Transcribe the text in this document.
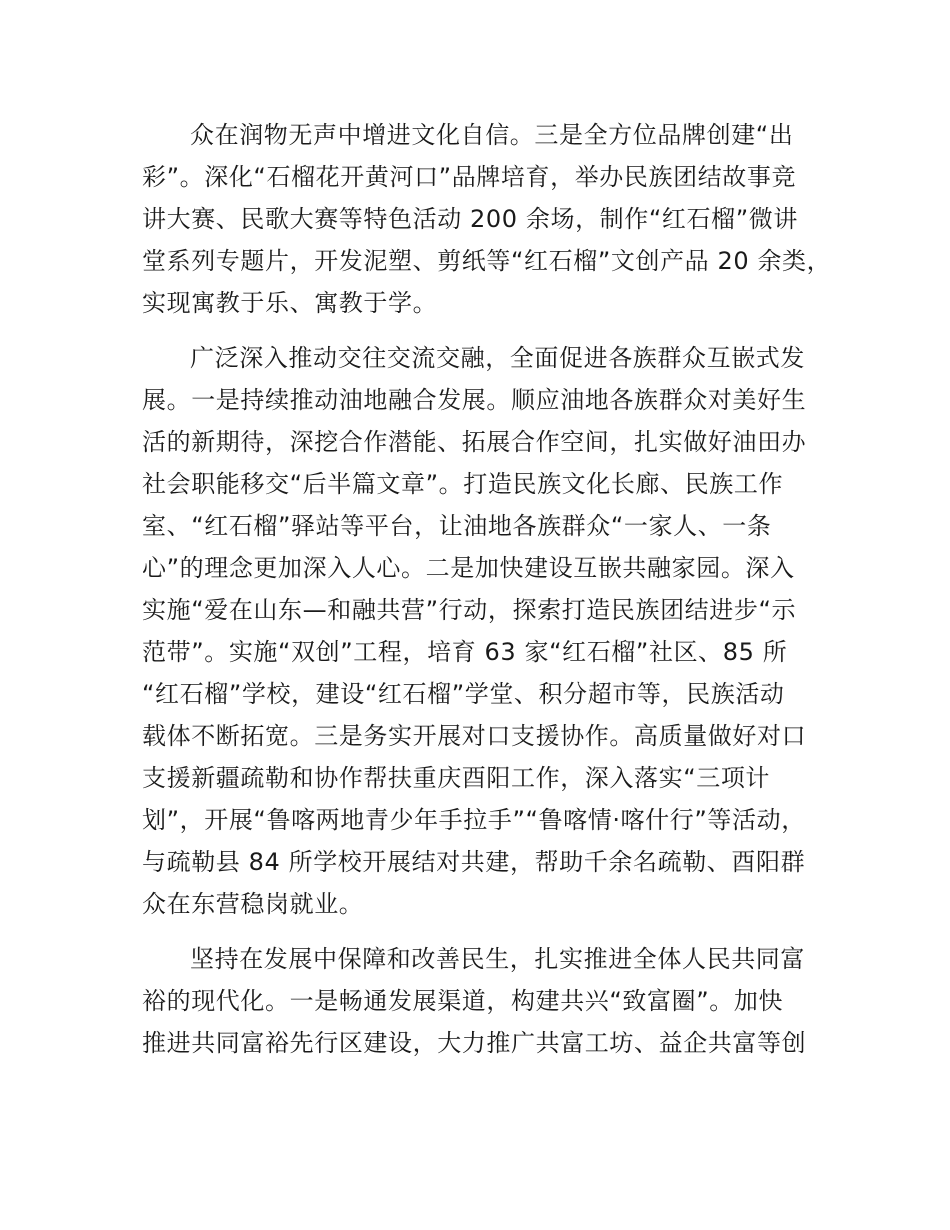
众在润物无声中增进文化自信。三是全方位品牌创建“出
彩”。深化“石榴花开黄河口”品牌培育，举办民族团结故事竞
讲大赛、民歌大赛等特色活动 200 余场，制作“红石榴”微讲
堂系列专题片，开发泥塑、剪纸等“红石榴”文创产品 20 余类，
实现寓教于乐、寓教于学。
广泛深入推动交往交流交融，全面促进各族群众互嵌式发
展。一是持续推动油地融合发展。顺应油地各族群众对美好生
活的新期待，深挖合作潜能、拓展合作空间，扎实做好油田办
社会职能移交“后半篇文章”。打造民族文化长廊、民族工作
室、“红石榴”驿站等平台，让油地各族群众“一家人、一条
心”的理念更加深入人心。二是加快建设互嵌共融家园。深入
实施“爱在山东—和融共营”行动，探索打造民族团结进步“示
范带”。实施“双创”工程，培育 63 家“红石榴”社区、85 所
“红石榴”学校，建设“红石榴”学堂、积分超市等，民族活动
载体不断拓宽。三是务实开展对口支援协作。高质量做好对口
支援新疆疏勒和协作帮扶重庆酉阳工作，深入落实“三项计
划”，开展“鲁喀两地青少年手拉手”“鲁喀情·喀什行”等活动，
与疏勒县 84 所学校开展结对共建，帮助千余名疏勒、酉阳群
众在东营稳岗就业。
坚持在发展中保障和改善民生，扎实推进全体人民共同富
裕的现代化。一是畅通发展渠道，构建共兴“致富圈”。加快
推进共同富裕先行区建设，大力推广共富工坊、益企共富等创
